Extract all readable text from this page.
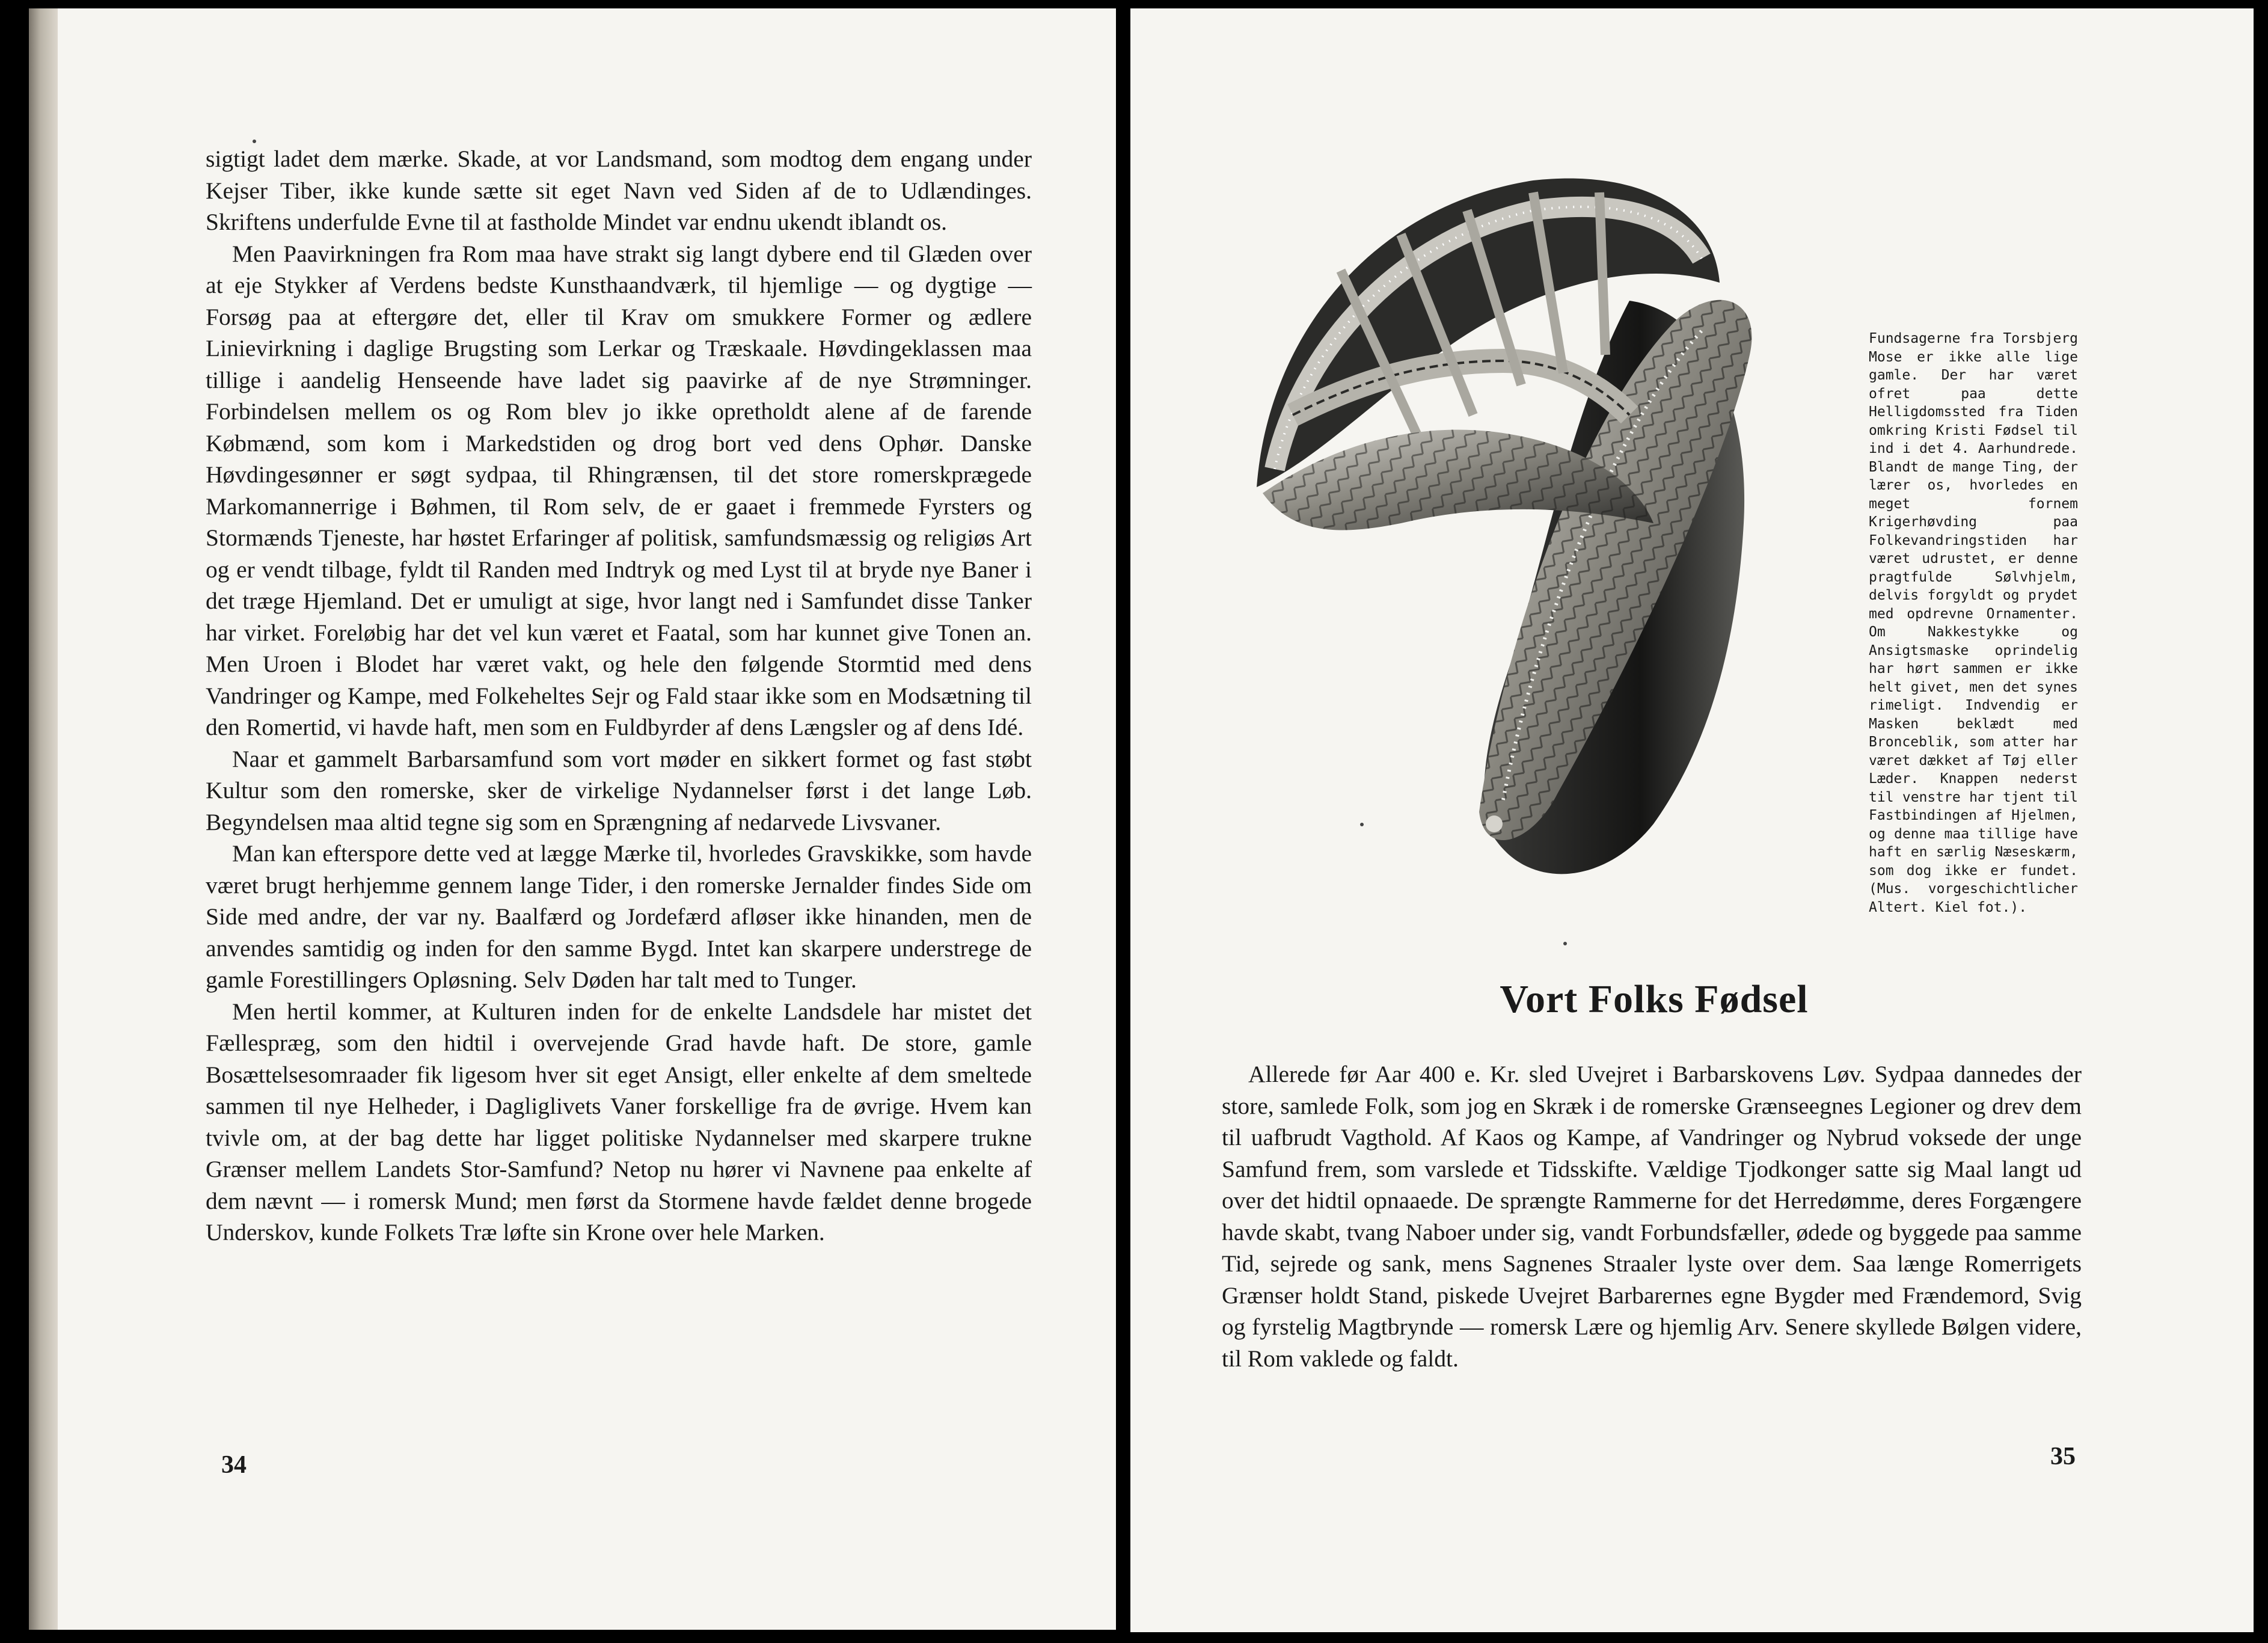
sigtigt ladet dem mærke. Skade, at vor Landsmand, som modtog dem engang under Kejser Tiber, ikke kunde sætte sit eget Navn ved Siden af de to Udlændinges. Skriftens underfulde Evne til at fastholde Mindet var endnu ukendt iblandt os.

Men Paavirkningen fra Rom maa have strakt sig langt dybere end til Glæden over at eje Stykker af Verdens bedste Kunsthaandværk, til hjemlige — og dygtige — Forsøg paa at eftergøre det, eller til Krav om smukkere Former og ædlere Linievirkning i daglige Brugsting som Lerkar og Træskaale. Høvdingeklassen maa tillige i aandelig Henseende have ladet sig paavirke af de nye Strømninger. Forbindelsen mellem os og Rom blev jo ikke opretholdt alene af de farende Købmænd, som kom i Markedstiden og drog bort ved dens Ophør. Danske Høvdingesønner er søgt sydpaa, til Rhingrænsen, til det store romerskprægede Markomannerrige i Bøhmen, til Rom selv, de er gaaet i fremmede Fyrsters og Stormænds Tjeneste, har høstet Erfaringer af politisk, samfundsmæssig og religiøs Art og er vendt tilbage, fyldt til Randen med Indtryk og med Lyst til at bryde nye Baner i det træge Hjemland. Det er umuligt at sige, hvor langt ned i Samfundet disse Tanker har virket. Foreløbig har det vel kun været et Faatal, som har kunnet give Tonen an. Men Uroen i Blodet har været vakt, og hele den følgende Stormtid med dens Vandringer og Kampe, med Folkeheltes Sejr og Fald staar ikke som en Modsætning til den Romertid, vi havde haft, men som en Fuldbyrder af dens Længsler og af dens Idé.

Naar et gammelt Barbarsamfund som vort møder en sikkert formet og fast støbt Kultur som den romerske, sker de virkelige Nydannelser først i det lange Løb. Begyndelsen maa altid tegne sig som en Sprængning af nedarvede Livsvaner.

Man kan efterspore dette ved at lægge Mærke til, hvorledes Gravskikke, som havde været brugt herhjemme gennem lange Tider, i den romerske Jernalder findes Side om Side med andre, der var ny. Baalfærd og Jordefærd afløser ikke hinanden, men de anvendes samtidig og inden for den samme Bygd. Intet kan skarpere understrege de gamle Forestillingers Opløsning. Selv Døden har talt med to Tunger.

Men hertil kommer, at Kulturen inden for de enkelte Landsdele har mistet det Fællespræg, som den hidtil i overvejende Grad havde haft. De store, gamle Bosættelsesomraader fik ligesom hver sit eget Ansigt, eller enkelte af dem smeltede sammen til nye Helheder, i Dagliglivets Vaner forskellige fra de øvrige. Hvem kan tvivle om, at der bag dette har ligget politiske Nydannelser med skarpere trukne Grænser mellem Landets Stor-Samfund? Netop nu hører vi Navnene paa enkelte af dem nævnt — i romersk Mund; men først da Stormene havde fældet denne brogede Underskov, kunde Folkets Træ løfte sin Krone over hele Marken.

34
Fundsagerne fra Torsbjerg Mose er ikke alle lige gamle. Der har været ofret paa dette Helligdomssted fra Tiden omkring Kristi Fødsel til ind i det 4. Aarhundrede. Blandt de mange Ting, der lærer os, hvorledes en meget fornem Krigerhøvding paa Folkevandringstiden har været udrustet, er denne pragtfulde Sølvhjelm, delvis forgyldt og prydet med opdrevne Ornamenter. Om Nakkestykke og Ansigtsmaske oprindelig har hørt sammen er ikke helt givet, men det synes rimeligt. Indvendig er Masken beklædt med Bronceblik, som atter har været dækket af Tøj eller Læder. Knappen nederst til venstre har tjent til Fastbindingen af Hjelmen, og denne maa tillige have haft en særlig Næseskærm, som dog ikke er fundet. (Mus. vorgeschichtlicher Altert. Kiel fot.).
Vort Folks Fødsel

Allerede før Aar 400 e. Kr. sled Uvejret i Barbarskovens Løv. Sydpaa dannedes der store, samlede Folk, som jog en Skræk i de romerske Grænseegnes Legioner og drev dem til uafbrudt Vagthold. Af Kaos og Kampe, af Vandringer og Nybrud voksede der unge Samfund frem, som varslede et Tidsskifte. Vældige Tjodkonger satte sig Maal langt ud over det hidtil opnaaede. De sprængte Rammerne for det Herredømme, deres Forgængere havde skabt, tvang Naboer under sig, vandt Forbundsfæller, ødede og byggede paa samme Tid, sejrede og sank, mens Sagnenes Straaler lyste over dem. Saa længe Romerrigets Grænser holdt Stand, piskede Uvejret Barbarernes egne Bygder med Frændemord, Svig og fyrstelig Magtbrynde — romersk Lære og hjemlig Arv. Senere skyllede Bølgen videre, til Rom vaklede og faldt.

35
